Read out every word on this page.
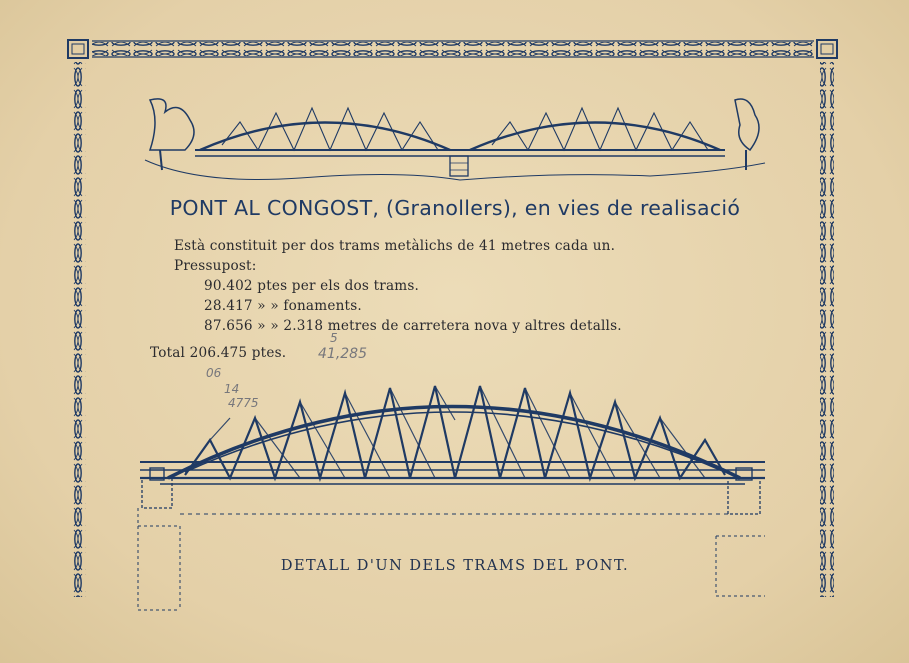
PONT AL CONGOST, (Granollers), en vies de realisació
Està constituit per dos trams metàlichs de 41 metres cada un.
Pressupost:
90.402 ptes per els dos trams.
28.417 » » fonaments.
87.656 » » 2.318 metres de carretera nova y altres detalls.
Total 206.475 ptes.
5
41,285
06
14
4775
DETALL D'UN DELS TRAMS DEL PONT.
